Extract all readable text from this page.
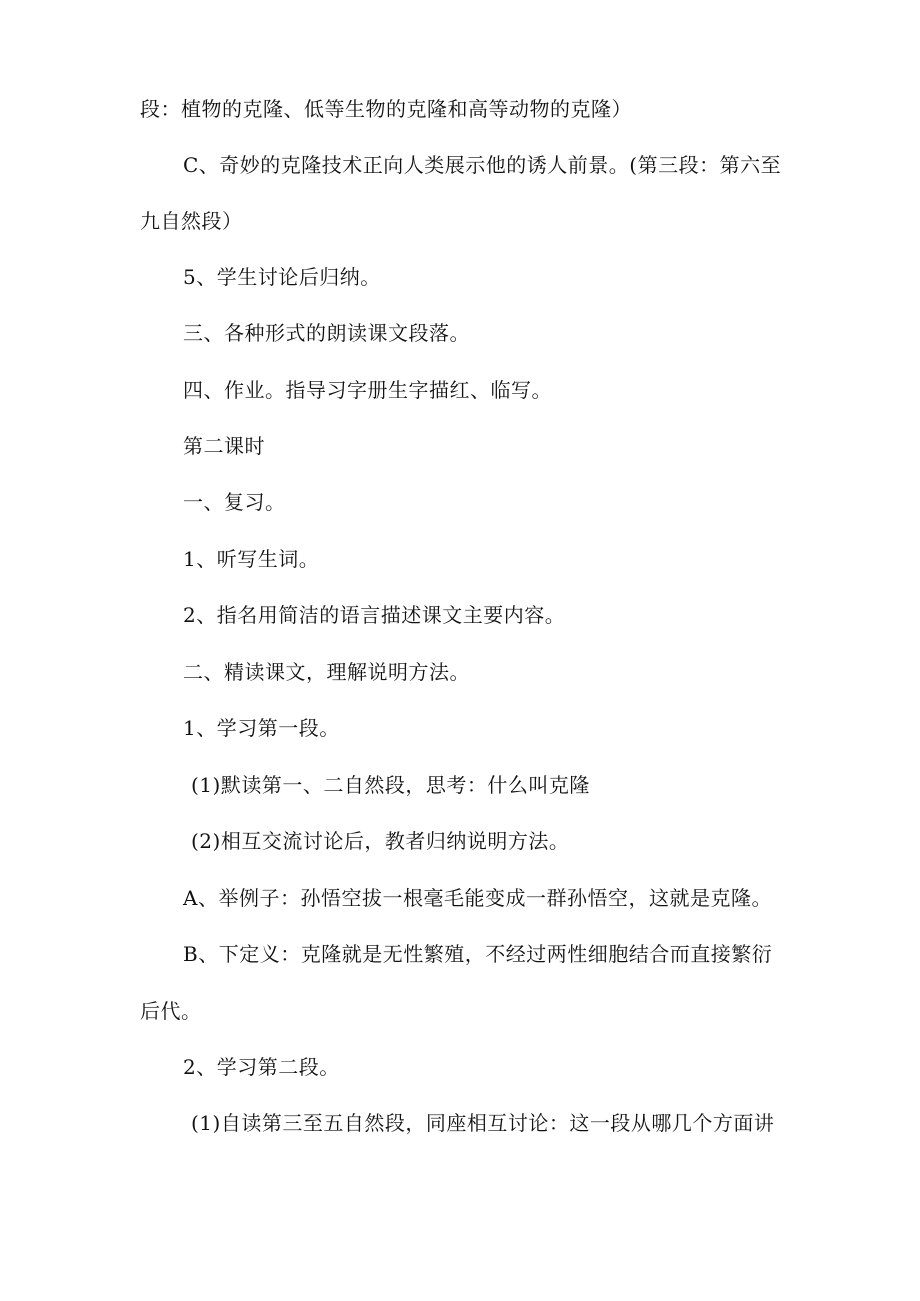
段：植物的克隆、低等生物的克隆和高等动物的克隆）
C、奇妙的克隆技术正向人类展示他的诱人前景。(第三段：第六至
九自然段）
5、学生讨论后归纳。
三、各种形式的朗读课文段落。
四、作业。指导习字册生字描红、临写。
第二课时
一、复习。
1、听写生词。
2、指名用简洁的语言描述课文主要内容。
二、精读课文，理解说明方法。
1、学习第一段。
(1)默读第一、二自然段，思考：什么叫克隆
(2)相互交流讨论后，教者归纳说明方法。
A、举例子：孙悟空拔一根毫毛能变成一群孙悟空，这就是克隆。
B、下定义：克隆就是无性繁殖，不经过两性细胞结合而直接繁衍
后代。
2、学习第二段。
(1)自读第三至五自然段，同座相互讨论：这一段从哪几个方面讲
